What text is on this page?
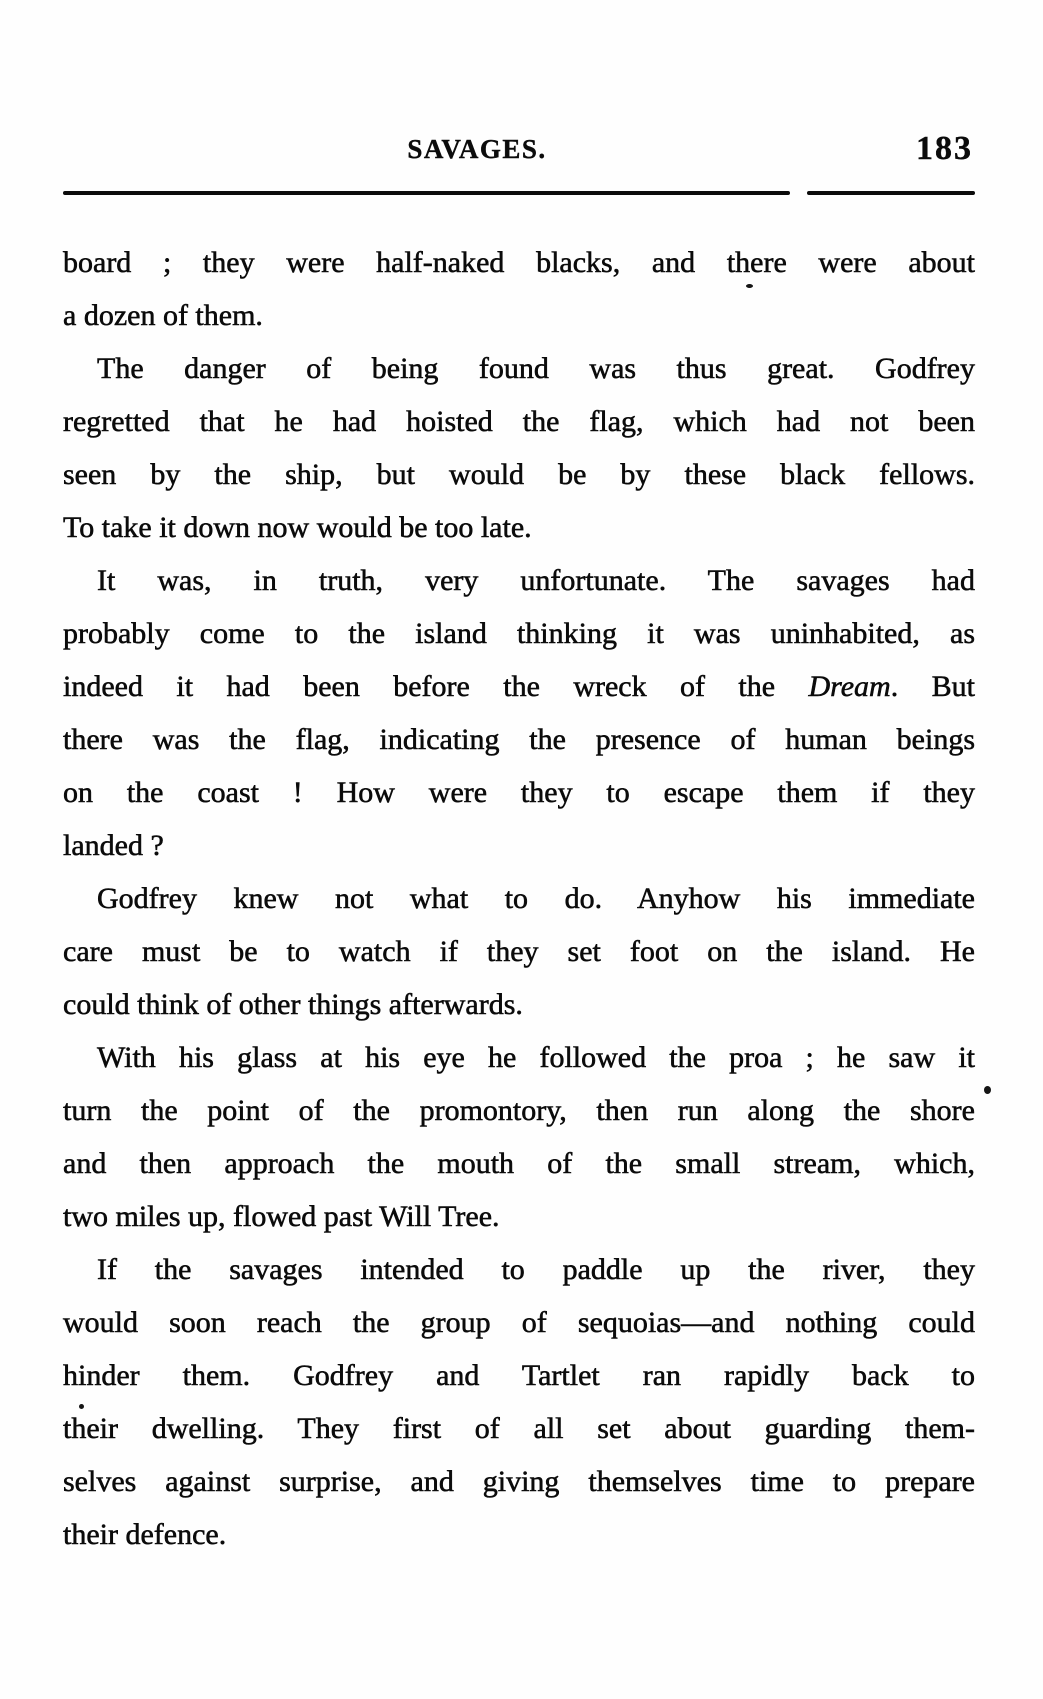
SAVAGES.	183
board ; they were half-naked blacks, and there were about
a dozen of them.
The danger of being found was thus great. Godfrey
regretted that he had hoisted the flag, which had not been
seen by the ship, but would be by these black fellows.
To take it down now would be too late.
It was, in truth, very unfortunate. The savages had
probably come to the island thinking it was uninhabited, as
indeed it had been before the wreck of the Dream. But
there was the flag, indicating the presence of human beings
on the coast ! How were they to escape them if they
landed ?
Godfrey knew not what to do. Anyhow his immediate
care must be to watch if they set foot on the island. He
could think of other things afterwards.
With his glass at his eye he followed the proa ; he saw it
turn the point of the promontory, then run along the shore
and then approach the mouth of the small stream, which,
two miles up, flowed past Will Tree.
If the savages intended to paddle up the river, they
would soon reach the group of sequoias—and nothing could
hinder them. Godfrey and Tartlet ran rapidly back to
their dwelling. They first of all set about guarding them-
selves against surprise, and giving themselves time to prepare
their defence.
